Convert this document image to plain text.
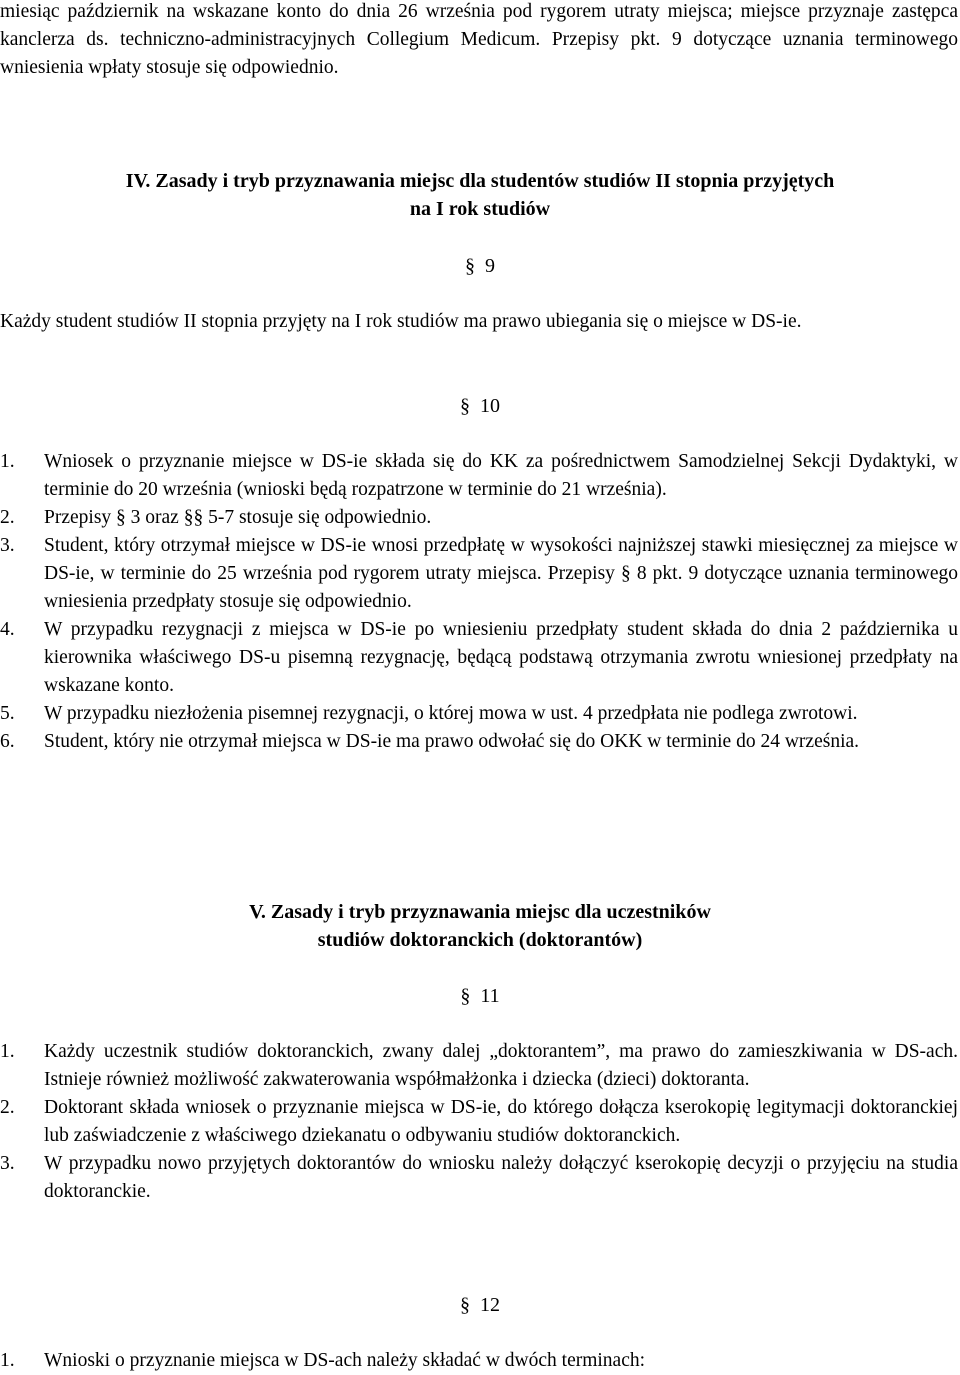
miesiąc październik na wskazane konto do dnia 26 września pod rygorem utraty miejsca; miejsce przyznaje zastępca kanclerza ds. techniczno-administracyjnych Collegium Medicum. Przepisy pkt. 9 dotyczące uznania terminowego wniesienia wpłaty stosuje się odpowiednio.

IV. Zasady i tryb przyznawania miejsc dla studentów studiów II stopnia przyjętych

na I rok studiów

§ 9

Każdy student studiów II stopnia przyjęty na I rok studiów ma prawo ubiegania się o miejsce w DS-ie.

§ 10

1. Wniosek o przyznanie miejsce w DS-ie składa się do KK za pośrednictwem Samodzielnej Sekcji Dydaktyki, w terminie do 20 września (wnioski będą rozpatrzone w terminie do 21 września).
2. Przepisy § 3 oraz §§ 5-7 stosuje się odpowiednio.
3. Student, który otrzymał miejsce w DS-ie wnosi przedpłatę w wysokości najniższej stawki miesięcznej za miejsce w DS-ie, w terminie do 25 września pod rygorem utraty miejsca. Przepisy § 8 pkt. 9 dotyczące uznania terminowego wniesienia przedpłaty stosuje się odpowiednio.
4. W przypadku rezygnacji z miejsca w DS-ie po wniesieniu przedpłaty student składa do dnia 2 października u kierownika właściwego DS-u pisemną rezygnację, będącą podstawą otrzymania zwrotu wniesionej przedpłaty na wskazane konto.
5. W przypadku niezłożenia pisemnej rezygnacji, o której mowa w ust. 4 przedpłata nie podlega zwrotowi.
6. Student, który nie otrzymał miejsca w DS-ie ma prawo odwołać się do OKK w terminie do 24 września.

V. Zasady i tryb przyznawania miejsc dla uczestników

studiów doktoranckich (doktorantów)

§ 11

1. Każdy uczestnik studiów doktoranckich, zwany dalej „doktorantem”, ma prawo do zamieszkiwania w DS-ach. Istnieje również możliwość zakwaterowania współmałżonka i dziecka (dzieci) doktoranta.
2. Doktorant składa wniosek o przyznanie miejsca w DS-ie, do którego dołącza kserokopię legitymacji doktoranckiej lub zaświadczenie z właściwego dziekanatu o odbywaniu studiów doktoranckich.
3. W przypadku nowo przyjętych doktorantów do wniosku należy dołączyć kserokopię decyzji o przyjęciu na studia doktoranckie.

§ 12

1. Wnioski o przyznanie miejsca w DS-ach należy składać w dwóch terminach:
